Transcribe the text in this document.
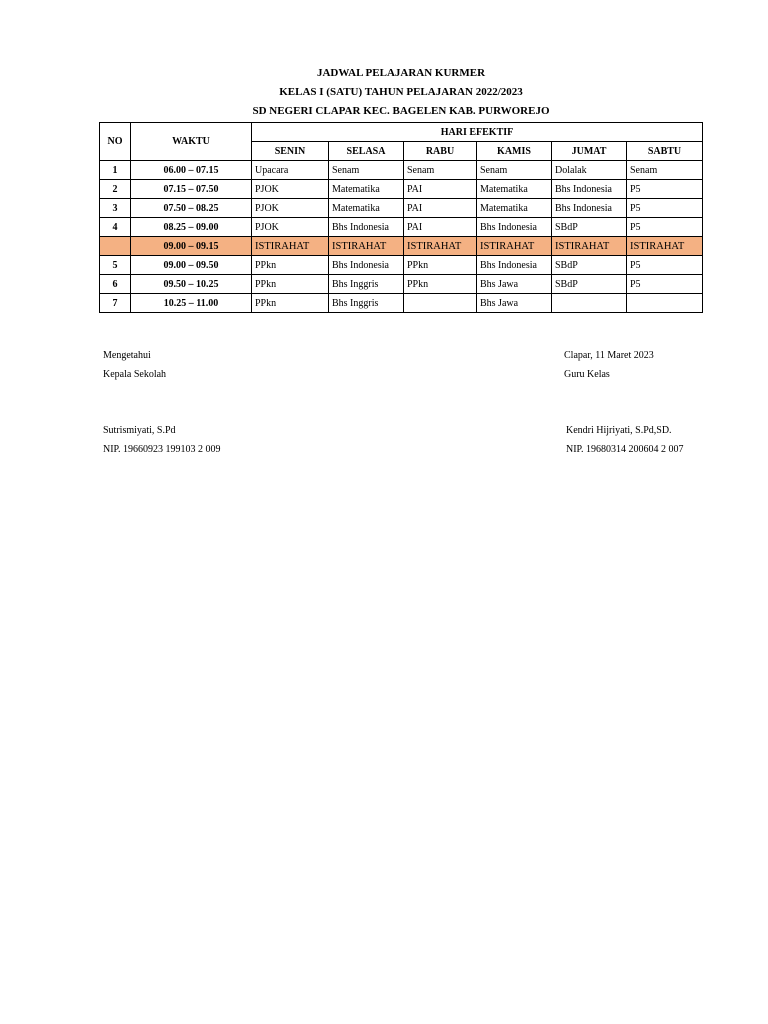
JADWAL PELAJARAN KURMER
KELAS I (SATU) TAHUN PELAJARAN 2022/2023
SD NEGERI CLAPAR KEC. BAGELEN KAB. PURWOREJO
NO	WAKTU	HARI EFEKTIF					
		SENIN	SELASA	RABU	KAMIS	JUMAT	SABTU
1	06.00 – 07.15	Upacara	Senam	Senam	Senam	Dolalak	Senam
2	07.15 – 07.50	PJOK	Matematika	PAI	Matematika	Bhs Indonesia	P5
3	07.50 – 08.25	PJOK	Matematika	PAI	Matematika	Bhs Indonesia	P5
4	08.25 – 09.00	PJOK	Bhs Indonesia	PAI	Bhs Indonesia	SBdP	P5
	09.00 – 09.15	ISTIRAHAT	ISTIRAHAT	ISTIRAHAT	ISTIRAHAT	ISTIRAHAT	ISTIRAHAT
5	09.00 – 09.50	PPkn	Bhs Indonesia	PPkn	Bhs Indonesia	SBdP	P5
6	09.50 – 10.25	PPkn	Bhs Inggris	PPkn	Bhs Jawa	SBdP	P5
7	10.25 – 11.00	PPkn	Bhs Inggris		Bhs Jawa		
Mengetahui
Kepala Sekolah
Sutrismiyati, S.Pd
NIP. 19660923 199103 2 009
Clapar, 11 Maret 2023
Guru Kelas
Kendri Hijriyati, S.Pd,SD.
NIP. 19680314 200604 2 007
